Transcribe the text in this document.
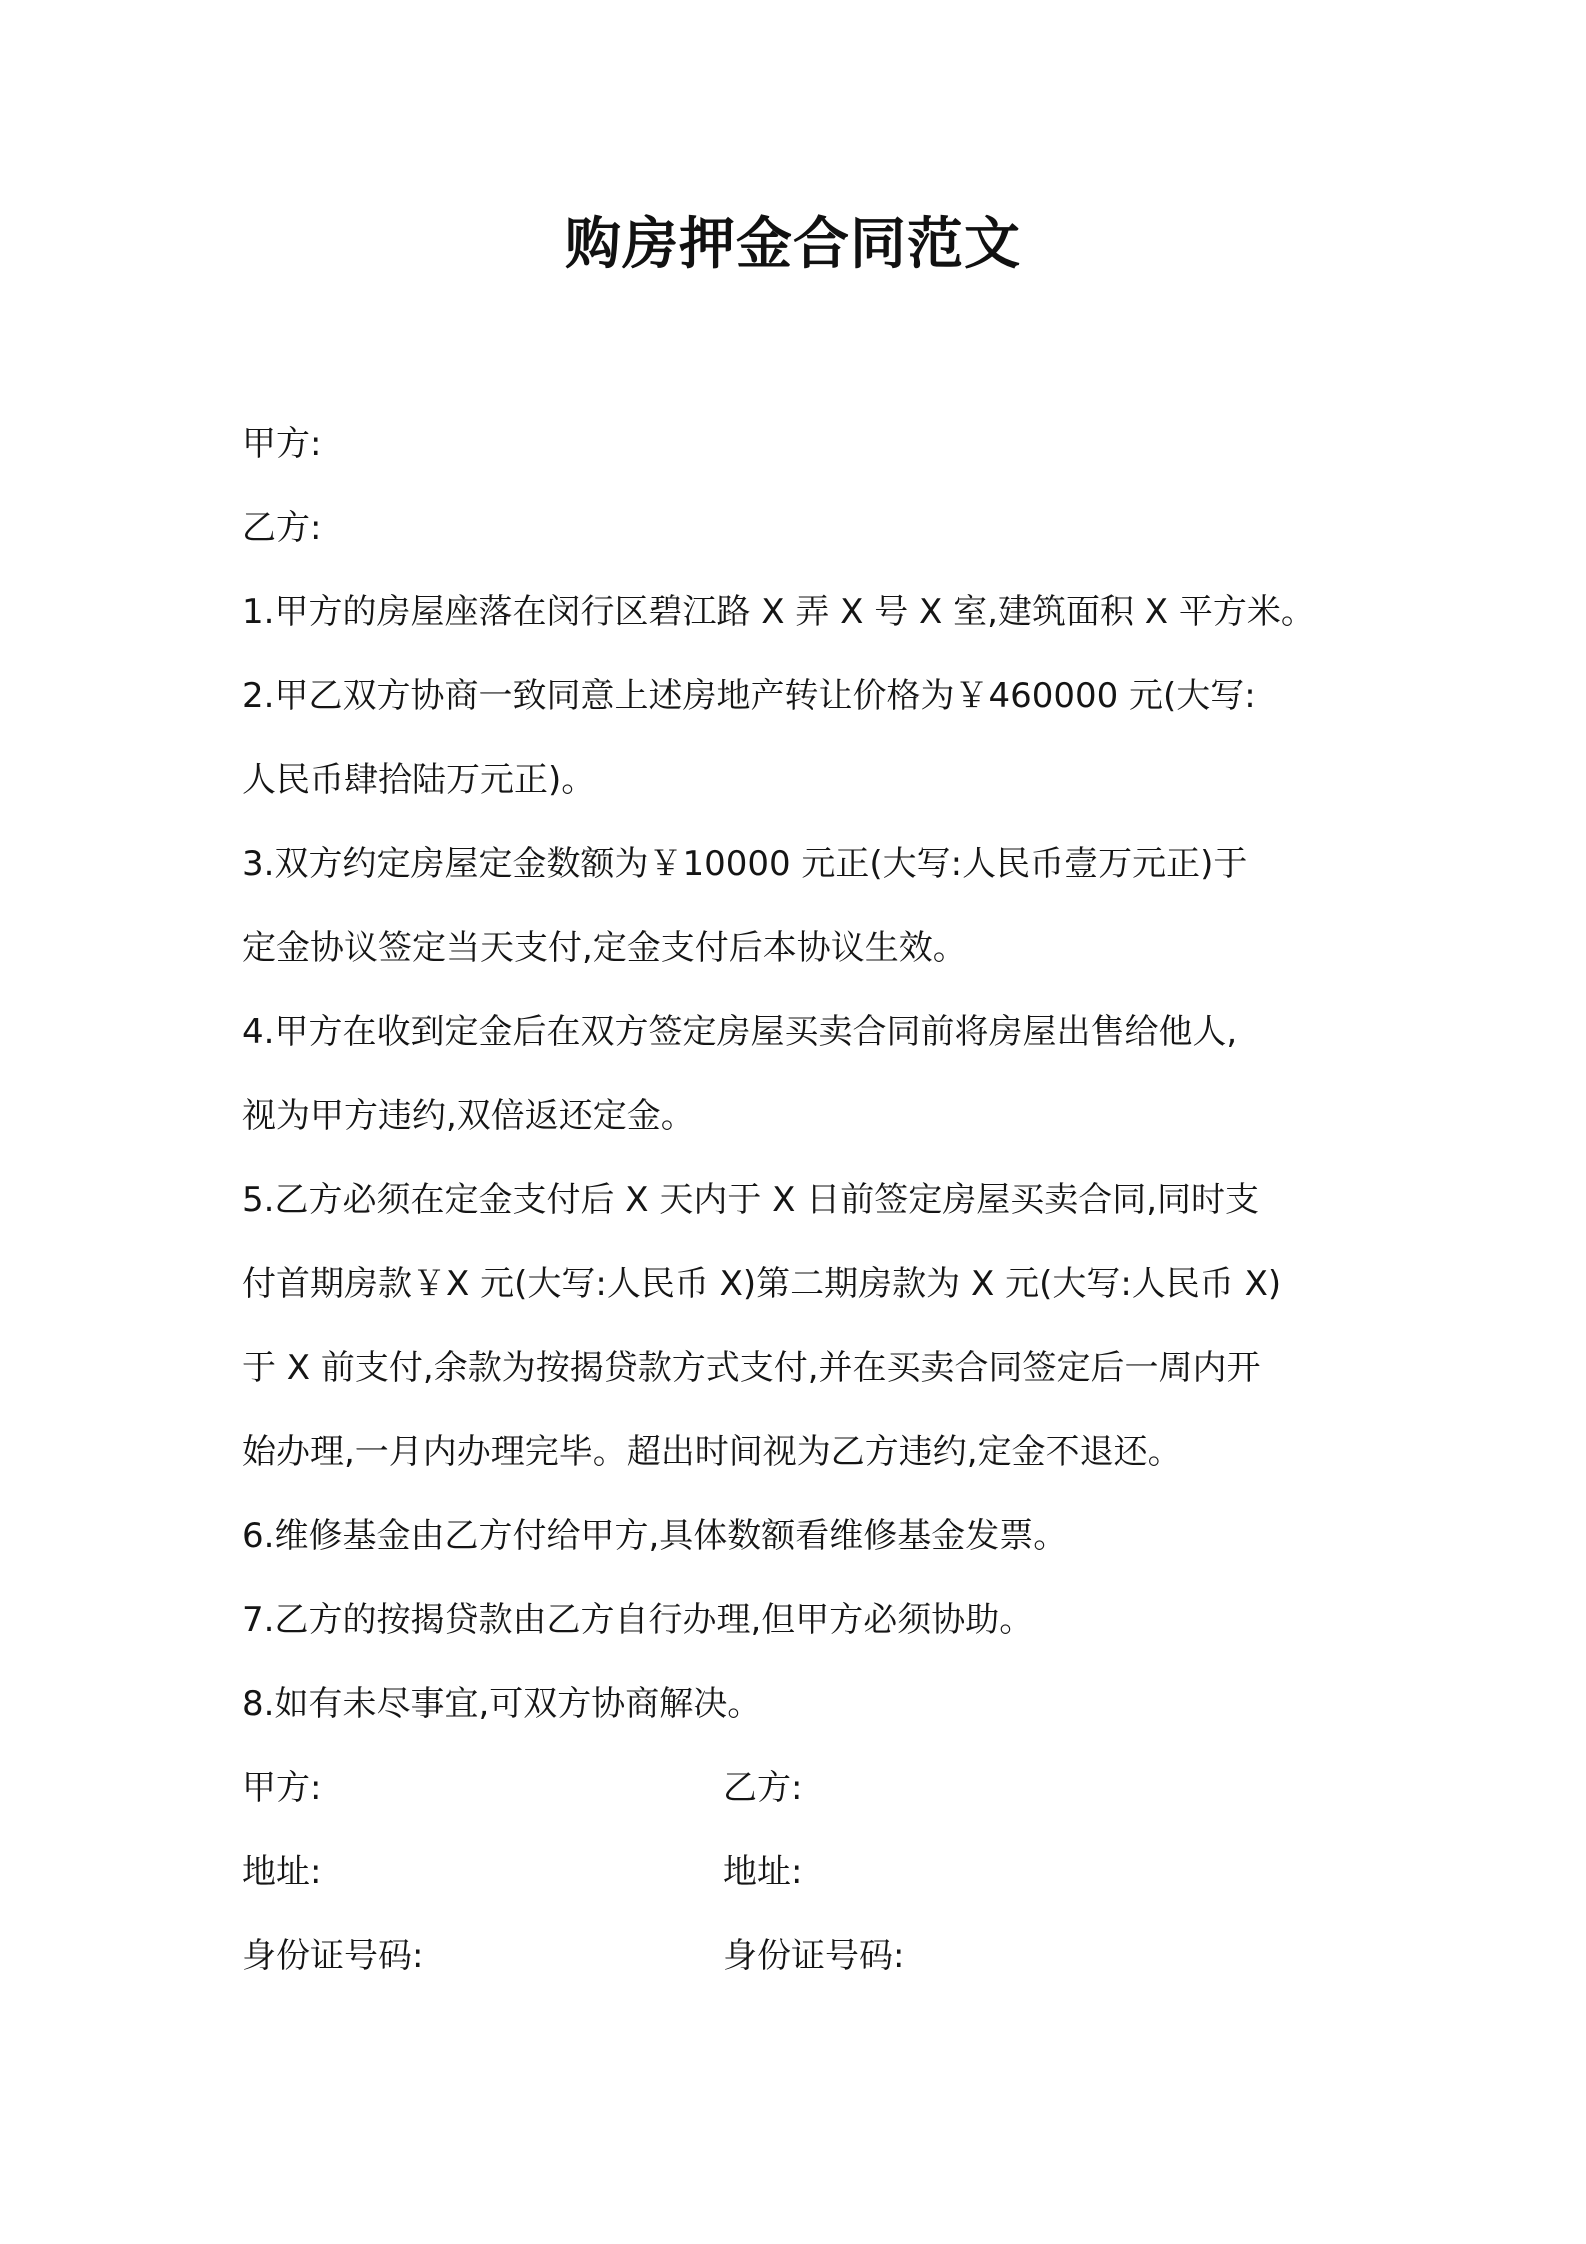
购房押金合同范文
甲方:
乙方:
1.甲方的房屋座落在闵行区碧江路 X 弄 X 号 X 室,建筑面积 X 平方米。
2.甲乙双方协商一致同意上述房地产转让价格为￥460000 元(大写:
人民币肆拾陆万元正)。
3.双方约定房屋定金数额为￥10000 元正(大写:人民币壹万元正)于
定金协议签定当天支付,定金支付后本协议生效。
4.甲方在收到定金后在双方签定房屋买卖合同前将房屋出售给他人,
视为甲方违约,双倍返还定金。
5.乙方必须在定金支付后 X 天内于 X 日前签定房屋买卖合同,同时支
付首期房款￥X 元(大写:人民币 X)第二期房款为 X 元(大写:人民币 X)
于 X 前支付,余款为按揭贷款方式支付,并在买卖合同签定后一周内开
始办理,一月内办理完毕。超出时间视为乙方违约,定金不退还。
6.维修基金由乙方付给甲方,具体数额看维修基金发票。
7.乙方的按揭贷款由乙方自行办理,但甲方必须协助。
8.如有未尽事宜,可双方协商解决。
甲方:	乙方:
地址:	地址:
身份证号码:	身份证号码:
